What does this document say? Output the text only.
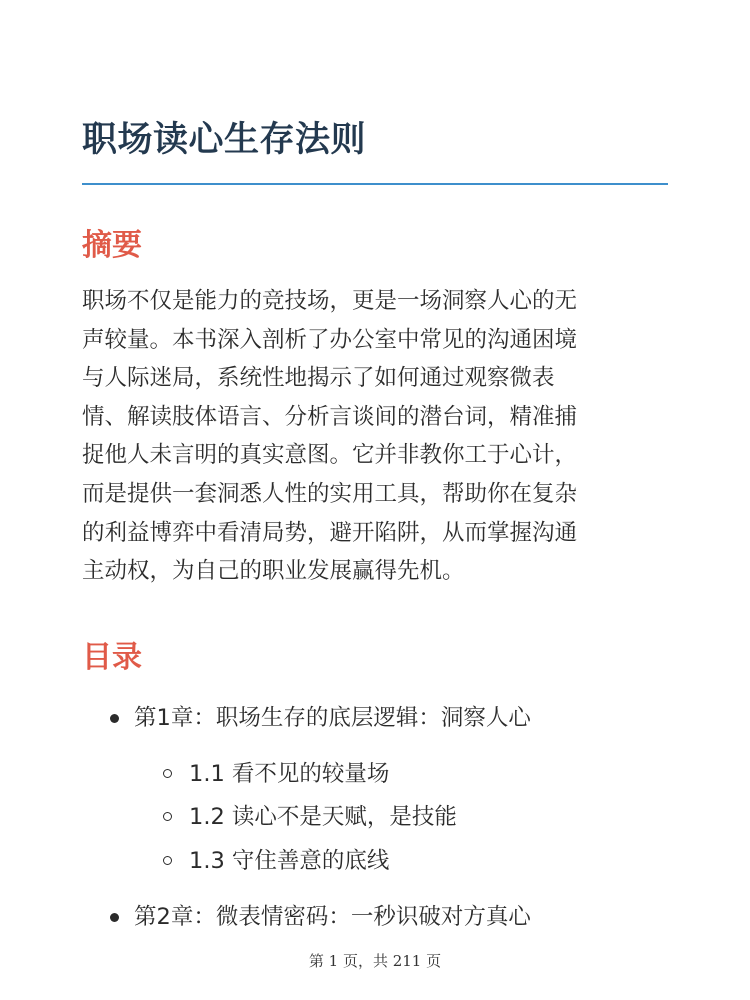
职场读心生存法则
摘要

职场不仅是能力的竞技场，更是一场洞察人心的无
声较量。本书深入剖析了办公室中常见的沟通困境
与人际迷局，系统性地揭示了如何通过观察微表
情、解读肢体语言、分析言谈间的潜台词，精准捕
捉他人未言明的真实意图。它并非教你工于心计，
而是提供一套洞悉人性的实用工具，帮助你在复杂
的利益博弈中看清局势，避开陷阱，从而掌握沟通
主动权，为自己的职业发展赢得先机。

目录
第1章：职场生存的底层逻辑：洞察人心
1.1 看不见的较量场
1.2 读心不是天赋，是技能
1.3 守住善意的底线
第2章：微表情密码：一秒识破对方真心
第 1 页，共 211 页
